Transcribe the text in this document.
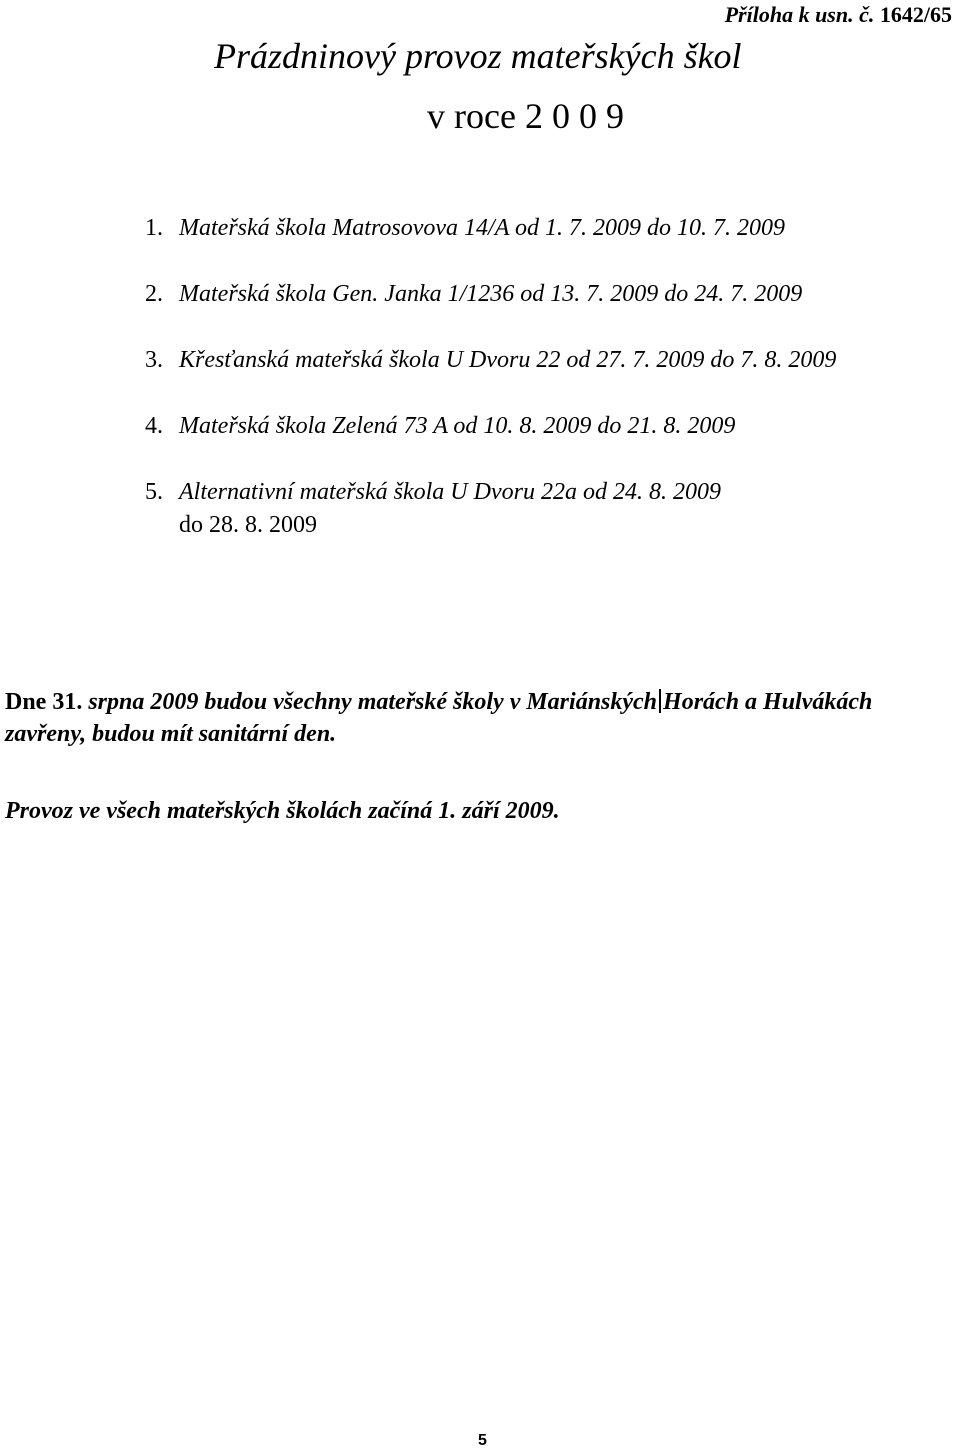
Příloha k usn. č. 1642/65
Prázdninový provoz mateřských škol
v roce 2 0 0 9
1. Mateřská škola Matrosovova 14/A od 1. 7. 2009 do 10. 7. 2009
2. Mateřská škola Gen. Janka 1/1236 od 13. 7. 2009 do 24. 7. 2009
3. Křesťanská mateřská škola U Dvoru 22 od 27. 7. 2009 do 7. 8. 2009
4. Mateřská škola Zelená 73 A od 10. 8. 2009 do 21. 8. 2009
5. Alternativní mateřská škola U Dvoru 22a od 24. 8. 2009
do 28. 8. 2009
Dne 31. srpna 2009 budou všechny mateřské školy v Mariánských Horách a Hulvákách zavřeny, budou mít sanitární den.
Provoz ve všech mateřských školách začíná 1. září 2009.
5
